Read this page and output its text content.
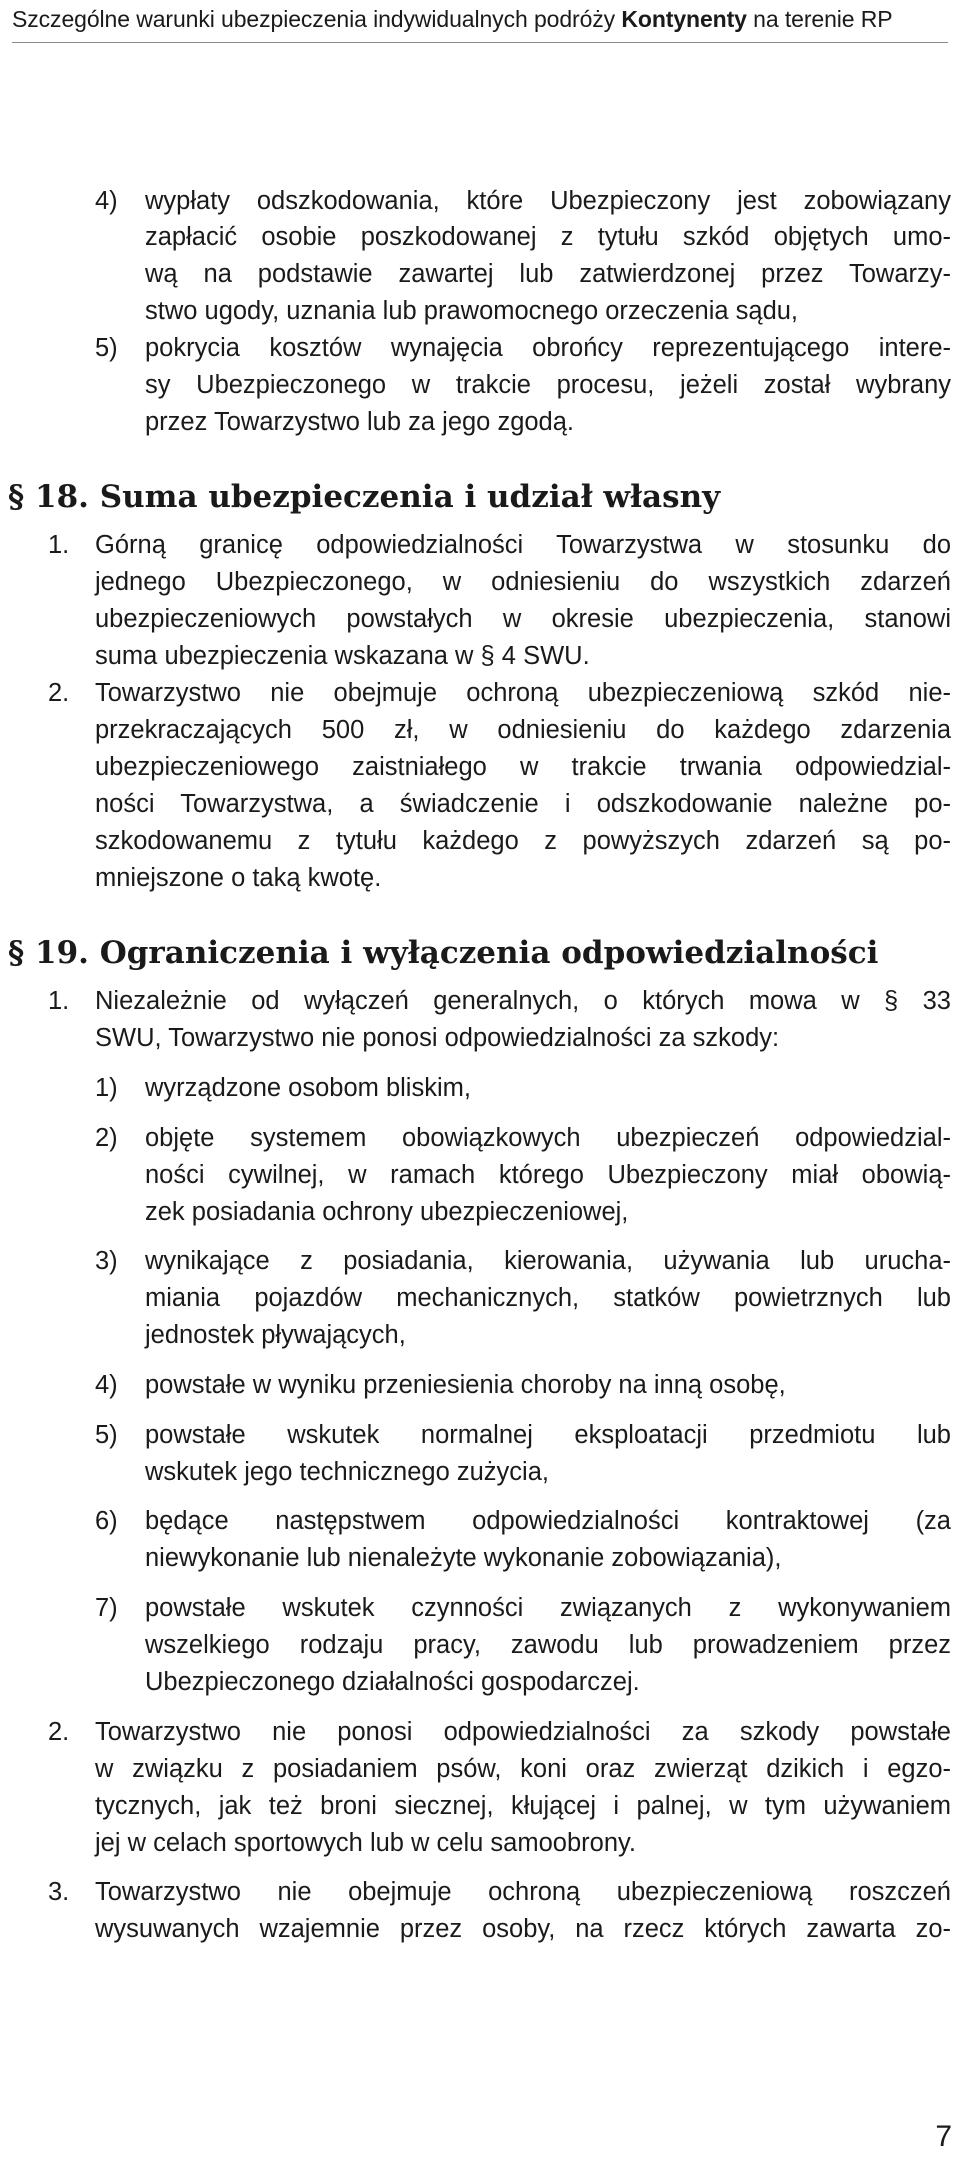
Szczególne warunki ubezpieczenia indywidualnych podróży Kontynenty na terenie RP
4) wypłaty odszkodowania, które Ubezpieczony jest zobowiązany
zapłacić osobie poszkodowanej z tytułu szkód objętych umo-
wą na podstawie zawartej lub zatwierdzonej przez Towarzy-
stwo ugody, uznania lub prawomocnego orzeczenia sądu,
5) pokrycia kosztów wynajęcia obrońcy reprezentującego intere-
sy Ubezpieczonego w trakcie procesu, jeżeli został wybrany
przez Towarzystwo lub za jego zgodą.
§ 18. Suma ubezpieczenia i udział własny
1. Górną granicę odpowiedzialności Towarzystwa w stosunku do
jednego Ubezpieczonego, w odniesieniu do wszystkich zdarzeń
ubezpieczeniowych powstałych w okresie ubezpieczenia, stanowi
suma ubezpieczenia wskazana w § 4 SWU.
2. Towarzystwo nie obejmuje ochroną ubezpieczeniową szkód nie-
przekraczających 500 zł, w odniesieniu do każdego zdarzenia
ubezpieczeniowego zaistniałego w trakcie trwania odpowiedzial-
ności Towarzystwa, a świadczenie i odszkodowanie należne po-
szkodowanemu z tytułu każdego z powyższych zdarzeń są po-
mniejszone o taką kwotę.
§ 19. Ograniczenia i wyłączenia odpowiedzialności
1. Niezależnie od wyłączeń generalnych, o których mowa w § 33
SWU, Towarzystwo nie ponosi odpowiedzialności za szkody:
1) wyrządzone osobom bliskim,
2) objęte systemem obowiązkowych ubezpieczeń odpowiedzial-
ności cywilnej, w ramach którego Ubezpieczony miał obowią-
zek posiadania ochrony ubezpieczeniowej,
3) wynikające z posiadania, kierowania, używania lub urucha-
miania pojazdów mechanicznych, statków powietrznych lub
jednostek pływających,
4) powstałe w wyniku przeniesienia choroby na inną osobę,
5) powstałe wskutek normalnej eksploatacji przedmiotu lub
wskutek jego technicznego zużycia,
6) będące następstwem odpowiedzialności kontraktowej (za
niewykonanie lub nienależyte wykonanie zobowiązania),
7) powstałe wskutek czynności związanych z wykonywaniem
wszelkiego rodzaju pracy, zawodu lub prowadzeniem przez
Ubezpieczonego działalności gospodarczej.
2. Towarzystwo nie ponosi odpowiedzialności za szkody powstałe
w związku z posiadaniem psów, koni oraz zwierząt dzikich i egzo-
tycznych, jak też broni siecznej, kłującej i palnej, w tym używaniem
jej w celach sportowych lub w celu samoobrony.
3. Towarzystwo nie obejmuje ochroną ubezpieczeniową roszczeń
wysuwanych wzajemnie przez osoby, na rzecz których zawarta zo-
7
